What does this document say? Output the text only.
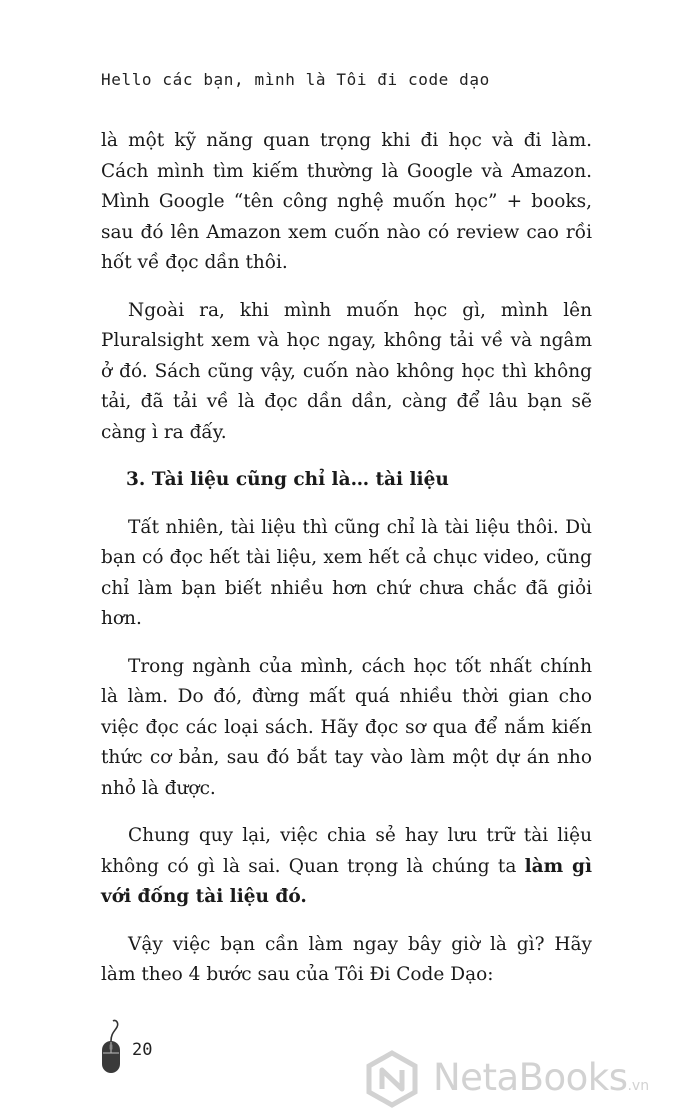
Hello các bạn, mình là Tôi đi code dạo

là một kỹ năng quan trọng khi đi học và đi làm. Cách mình tìm kiếm thường là Google và Amazon. Mình Google “tên công nghệ muốn học” + books, sau đó lên Amazon xem cuốn nào có review cao rồi hốt về đọc dần thôi.

Ngoài ra, khi mình muốn học gì, mình lên Pluralsight xem và học ngay, không tải về và ngâm ở đó. Sách cũng vậy, cuốn nào không học thì không tải, đã tải về là đọc dần dần, càng để lâu bạn sẽ càng ì ra đấy.

3. Tài liệu cũng chỉ là… tài liệu

Tất nhiên, tài liệu thì cũng chỉ là tài liệu thôi. Dù bạn có đọc hết tài liệu, xem hết cả chục video, cũng chỉ làm bạn biết nhiều hơn chứ chưa chắc đã giỏi hơn.

Trong ngành của mình, cách học tốt nhất chính là làm. Do đó, đừng mất quá nhiều thời gian cho việc đọc các loại sách. Hãy đọc sơ qua để nắm kiến thức cơ bản, sau đó bắt tay vào làm một dự án nho nhỏ là được.

Chung quy lại, việc chia sẻ hay lưu trữ tài liệu không có gì là sai. Quan trọng là chúng ta làm gì với đống tài liệu đó.

Vậy việc bạn cần làm ngay bây giờ là gì? Hãy làm theo 4 bước sau của Tôi Đi Code Dạo:

20
NetaBooks.vn
